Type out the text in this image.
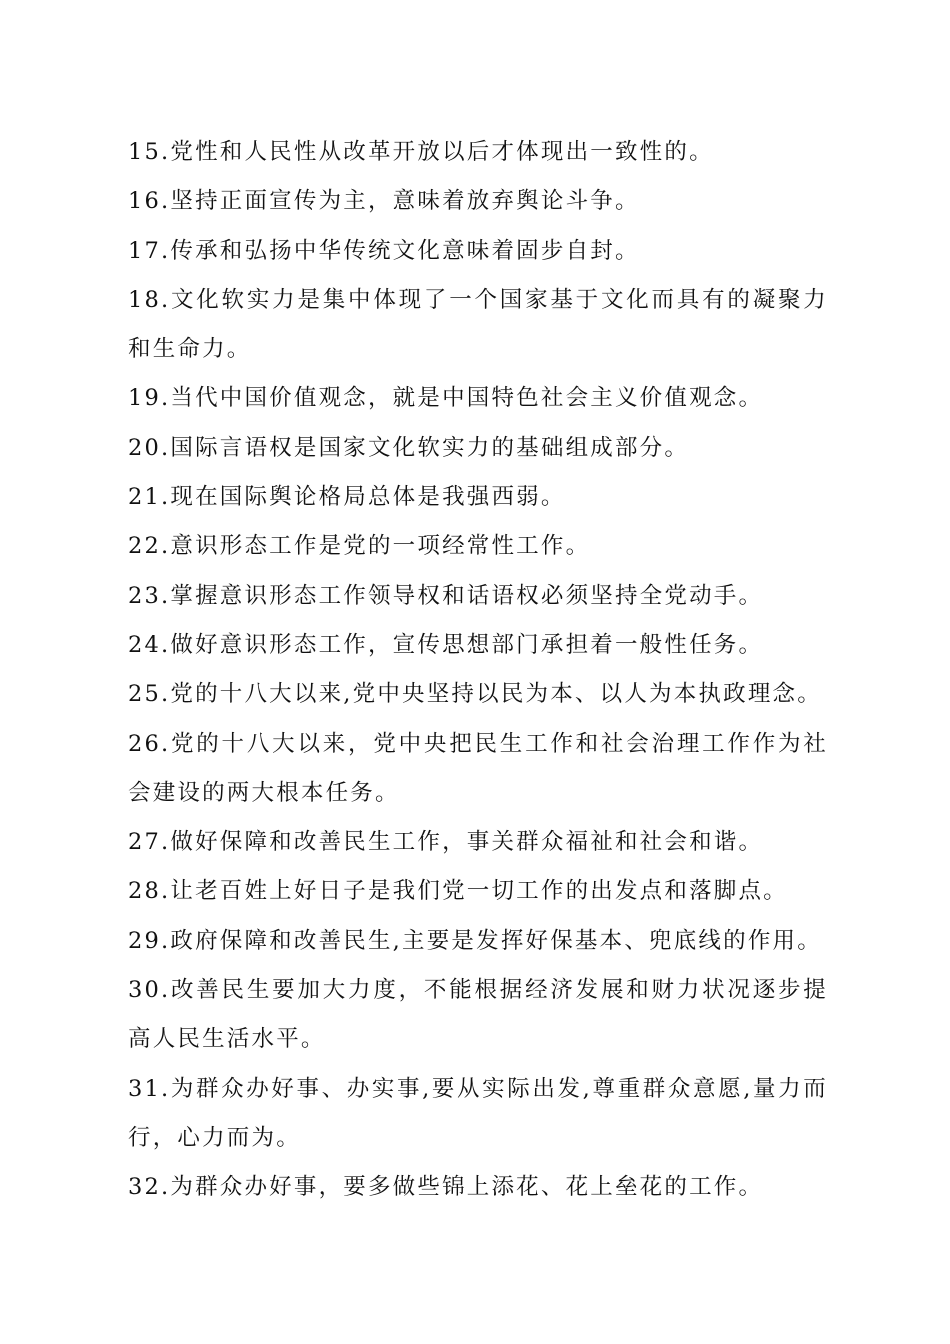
15.党性和人民性从改革开放以后才体现出一致性的。

16.坚持正面宣传为主，意味着放弃舆论斗争。

17.传承和弘扬中华传统文化意味着固步自封。

18.文化软实力是集中体现了一个国家基于文化而具有的凝聚力和生命力。

19.当代中国价值观念，就是中国特色社会主义价值观念。

20.国际言语权是国家文化软实力的基础组成部分。

21.现在国际舆论格局总体是我强西弱。

22.意识形态工作是党的一项经常性工作。

23.掌握意识形态工作领导权和话语权必须坚持全党动手。

24.做好意识形态工作，宣传思想部门承担着一般性任务。

25.党的十八大以来,党中央坚持以民为本、以人为本执政理念。

26.党的十八大以来，党中央把民生工作和社会治理工作作为社会建设的两大根本任务。

27.做好保障和改善民生工作，事关群众福祉和社会和谐。

28.让老百姓上好日子是我们党一切工作的出发点和落脚点。

29.政府保障和改善民生,主要是发挥好保基本、兜底线的作用。

30.改善民生要加大力度，不能根据经济发展和财力状况逐步提高人民生活水平。

31.为群众办好事、办实事,要从实际出发,尊重群众意愿,量力而行，心力而为。

32.为群众办好事，要多做些锦上添花、花上垒花的工作。
